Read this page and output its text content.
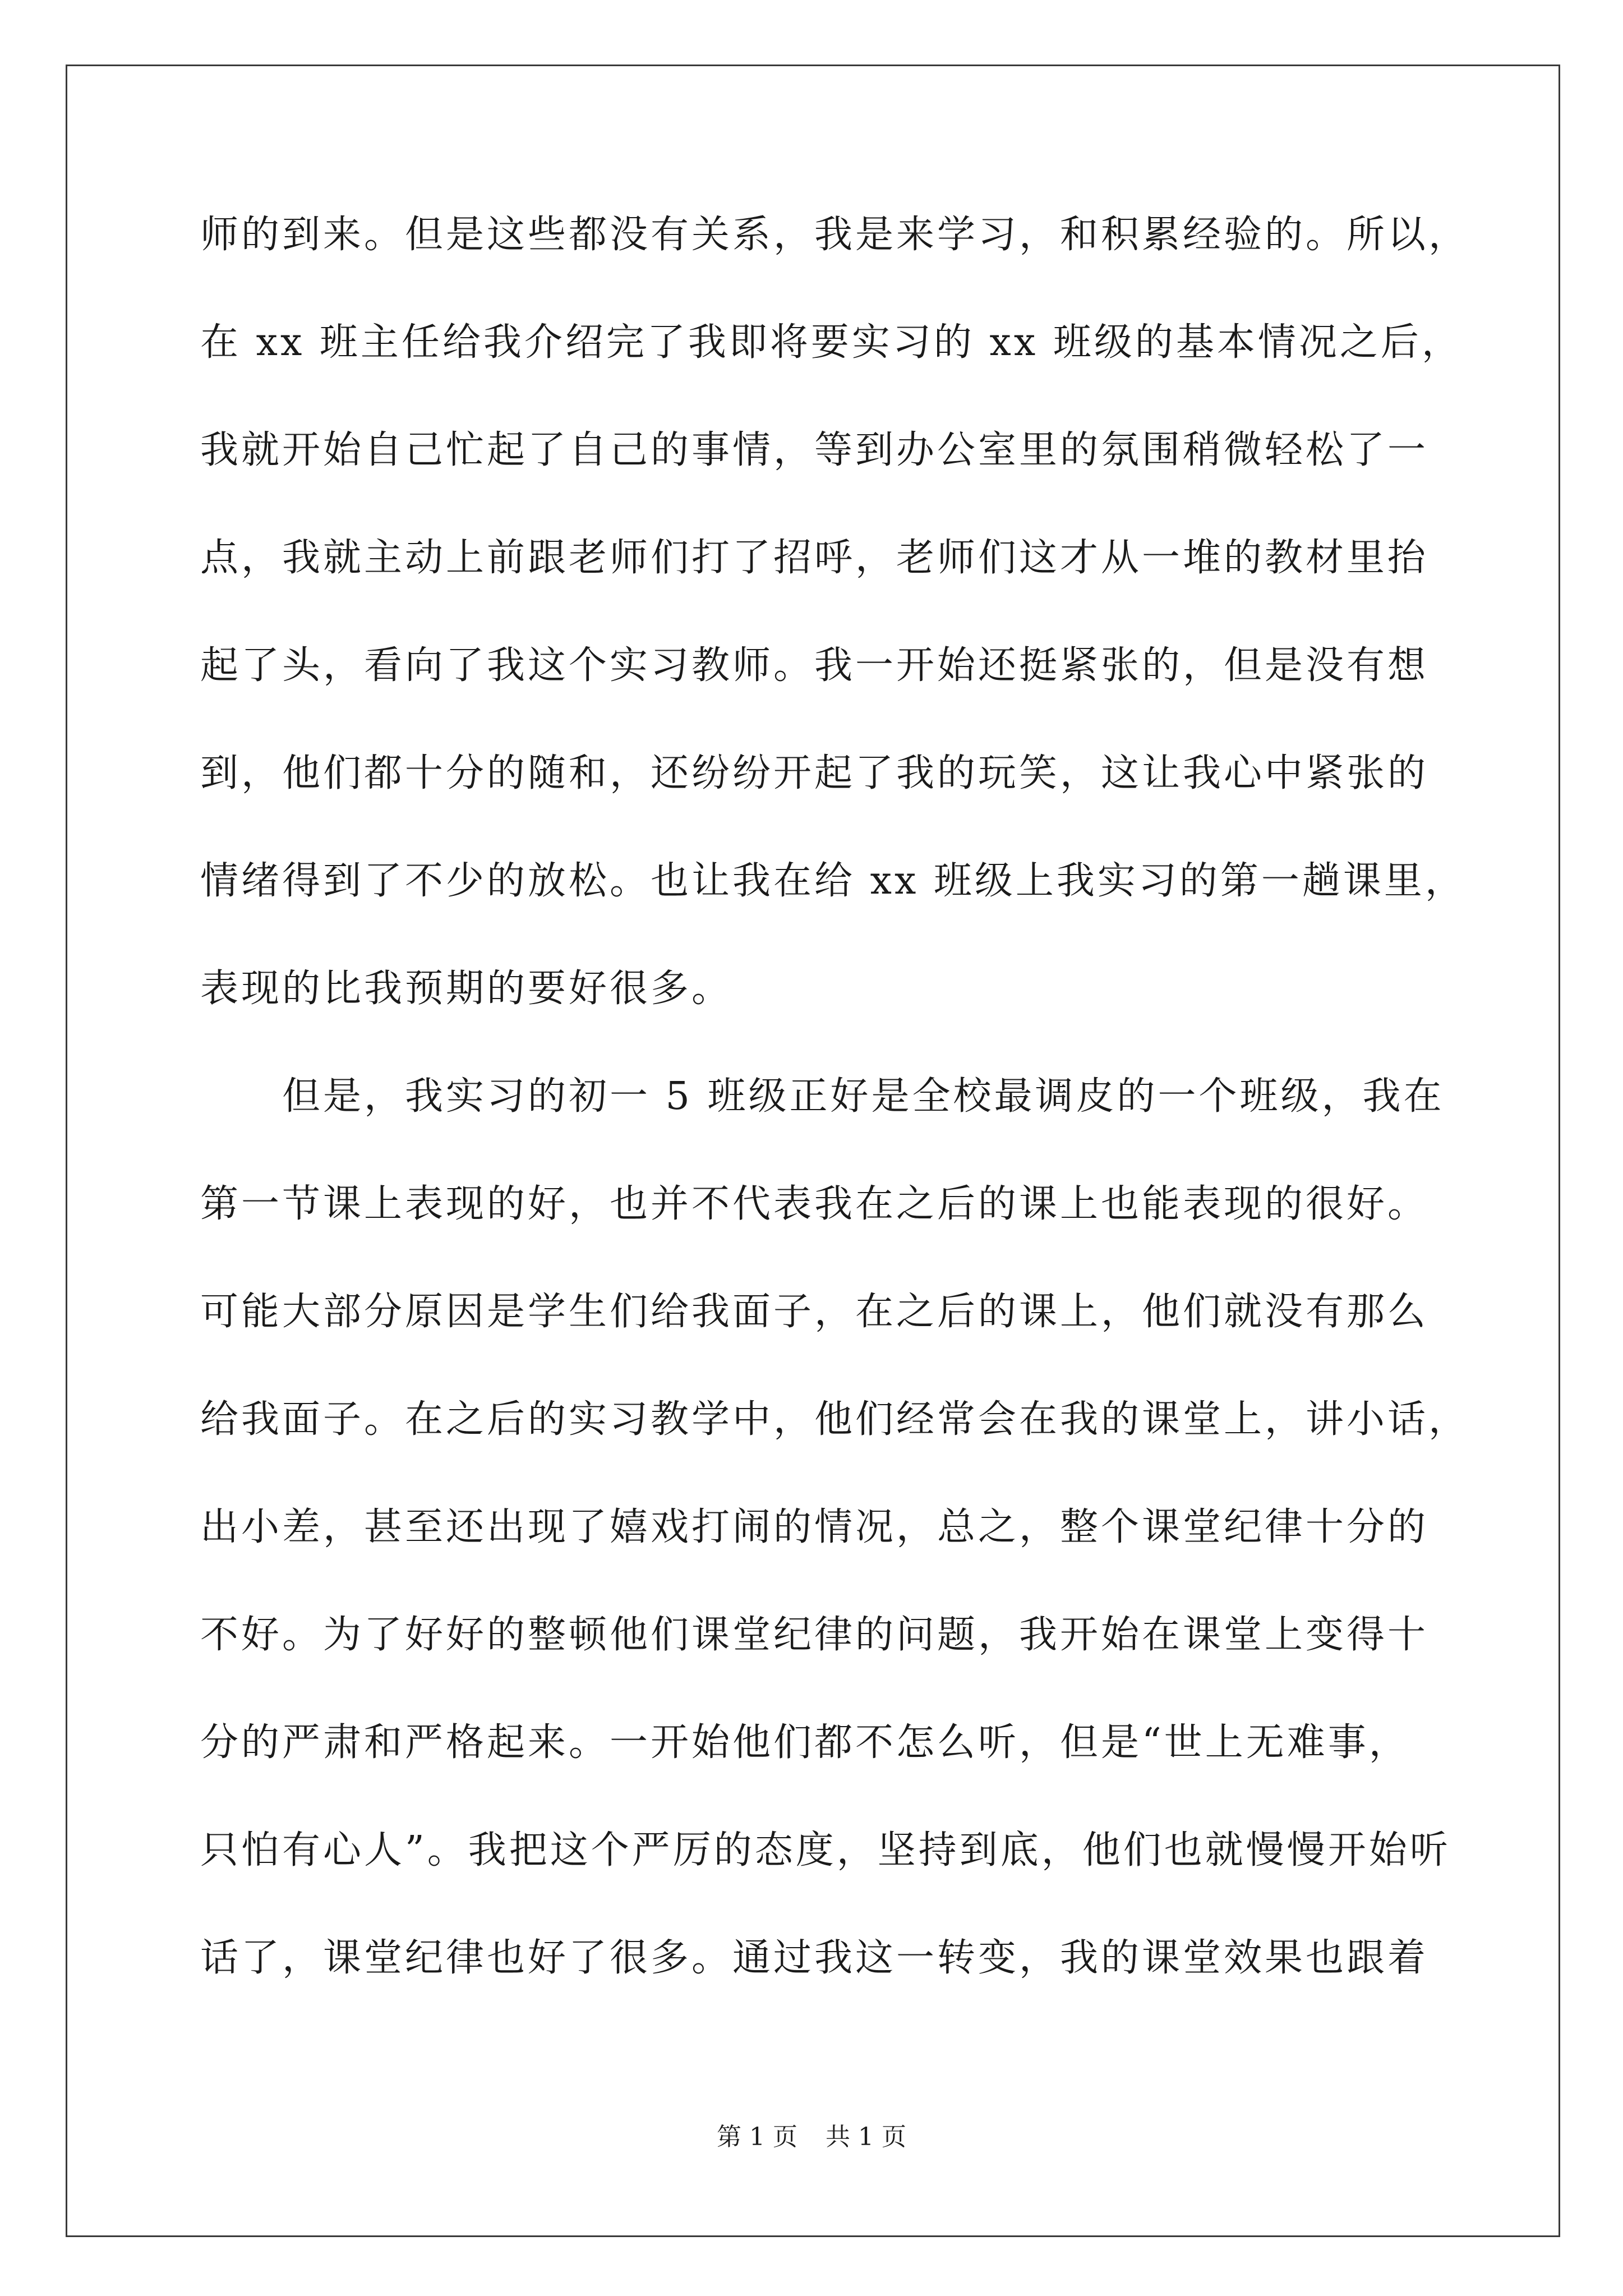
师的到来。但是这些都没有关系，我是来学习，和积累经验的。所以，
在 xx 班主任给我介绍完了我即将要实习的 xx 班级的基本情况之后，
我就开始自己忙起了自己的事情，等到办公室里的氛围稍微轻松了一
点，我就主动上前跟老师们打了招呼，老师们这才从一堆的教材里抬
起了头，看向了我这个实习教师。我一开始还挺紧张的，但是没有想
到，他们都十分的随和，还纷纷开起了我的玩笑，这让我心中紧张的
情绪得到了不少的放松。也让我在给 xx 班级上我实习的第一趟课里，
表现的比我预期的要好很多。
但是，我实习的初一 5 班级正好是全校最调皮的一个班级，我在
第一节课上表现的好，也并不代表我在之后的课上也能表现的很好。
可能大部分原因是学生们给我面子，在之后的课上，他们就没有那么
给我面子。在之后的实习教学中，他们经常会在我的课堂上，讲小话，
出小差，甚至还出现了嬉戏打闹的情况，总之，整个课堂纪律十分的
不好。为了好好的整顿他们课堂纪律的问题，我开始在课堂上变得十
分的严肃和严格起来。一开始他们都不怎么听，但是“世上无难事，
只怕有心人”。我把这个严厉的态度，坚持到底，他们也就慢慢开始听
话了，课堂纪律也好了很多。通过我这一转变，我的课堂效果也跟着
第 1 页 共 1 页
